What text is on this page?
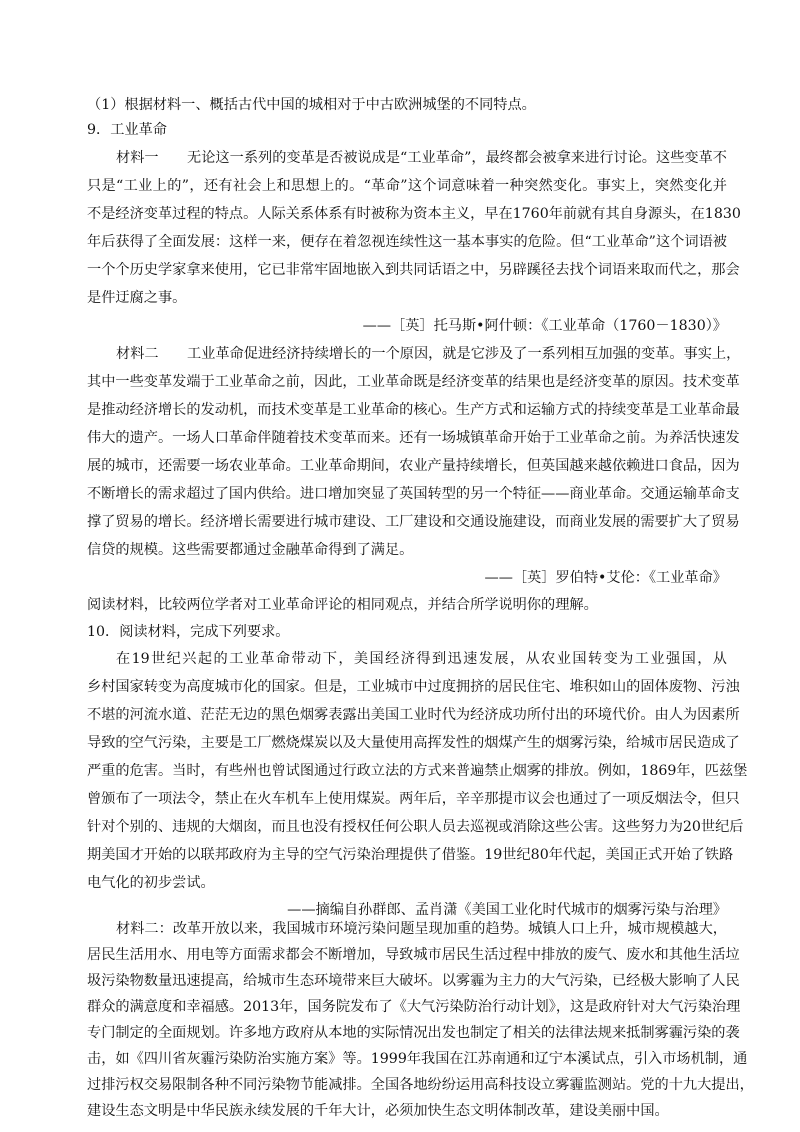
（1）根据材料一、概括古代中国的城相对于中古欧洲城堡的不同特点。
9．工业革命
材料一　　无论这一系列的变革是否被说成是“工业革命”，最终都会被拿来进行讨论。这些变革不
只是“工业上的”，还有社会上和思想上的。“革命”这个词意味着一种突然变化。事实上，突然变化并
不是经济变革过程的特点。人际关系体系有时被称为资本主义，早在1760年前就有其自身源头，在1830
年后获得了全面发展：这样一来，便存在着忽视连续性这一基本事实的危险。但“工业革命”这个词语被
一个个历史学家拿来使用，它已非常牢固地嵌入到共同话语之中，另辟蹊径去找个词语来取而代之，那会
是件迂腐之事。
——［英］托马斯•阿什顿：《工业革命（1760－1830）》
材料二　　工业革命促进经济持续增长的一个原因，就是它涉及了一系列相互加强的变革。事实上，
其中一些变革发端于工业革命之前，因此，工业革命既是经济变革的结果也是经济变革的原因。技术变革
是推动经济增长的发动机，而技术变革是工业革命的核心。生产方式和运输方式的持续变革是工业革命最
伟大的遗产。一场人口革命伴随着技术变革而来。还有一场城镇革命开始于工业革命之前。为养活快速发
展的城市，还需要一场农业革命。工业革命期间，农业产量持续增长，但英国越来越依赖进口食品，因为
不断增长的需求超过了国内供给。进口增加突显了英国转型的另一个特征——商业革命。交通运输革命支
撑了贸易的增长。经济增长需要进行城市建设、工厂建设和交通设施建设，而商业发展的需要扩大了贸易
信贷的规模。这些需要都通过金融革命得到了满足。
——［英］罗伯特•艾伦：《工业革命》
阅读材料，比较两位学者对工业革命评论的相同观点，并结合所学说明你的理解。
10．阅读材料，完成下列要求。
在19世纪兴起的工业革命带动下，美国经济得到迅速发展，从农业国转变为工业强国，从
乡村国家转变为高度城市化的国家。但是，工业城市中过度拥挤的居民住宅、堆积如山的固体废物、污浊
不堪的河流水道、茫茫无边的黑色烟雾表露出美国工业时代为经济成功所付出的环境代价。由人为因素所
导致的空气污染，主要是工厂燃烧煤炭以及大量使用高挥发性的烟煤产生的烟雾污染，给城市居民造成了
严重的危害。当时，有些州也曾试图通过行政立法的方式来普遍禁止烟雾的排放。例如，1869年，匹兹堡
曾颁布了一项法令，禁止在火车机车上使用煤炭。两年后，辛辛那提市议会也通过了一项反烟法令，但只
针对个别的、违规的大烟囱，而且也没有授权任何公职人员去巡视或消除这些公害。这些努力为20世纪后
期美国才开始的以联邦政府为主导的空气污染治理提供了借鉴。19世纪80年代起，美国正式开始了铁路
电气化的初步尝试。
——摘编自孙群郎、孟肖潇《美国工业化时代城市的烟雾污染与治理》
材料二：改革开放以来，我国城市环境污染问题呈现加重的趋势。城镇人口上升，城市规模越大，
居民生活用水、用电等方面需求都会不断增加，导致城市居民生活过程中排放的废气、废水和其他生活垃
圾污染物数量迅速提高，给城市生态环境带来巨大破坏。以雾霾为主力的大气污染，已经极大影响了人民
群众的满意度和幸福感。2013年，国务院发布了《大气污染防治行动计划》，这是政府针对大气污染治理
专门制定的全面规划。许多地方政府从本地的实际情况出发也制定了相关的法律法规来抵制雾霾污染的袭
击，如《四川省灰霾污染防治实施方案》等。1999年我国在江苏南通和辽宁本溪试点，引入市场机制，通
过排污权交易限制各种不同污染物节能减排。全国各地纷纷运用高科技设立雾霾监测站。党的十九大提出，
建设生态文明是中华民族永续发展的千年大计，必须加快生态文明体制改革，建设美丽中国。
